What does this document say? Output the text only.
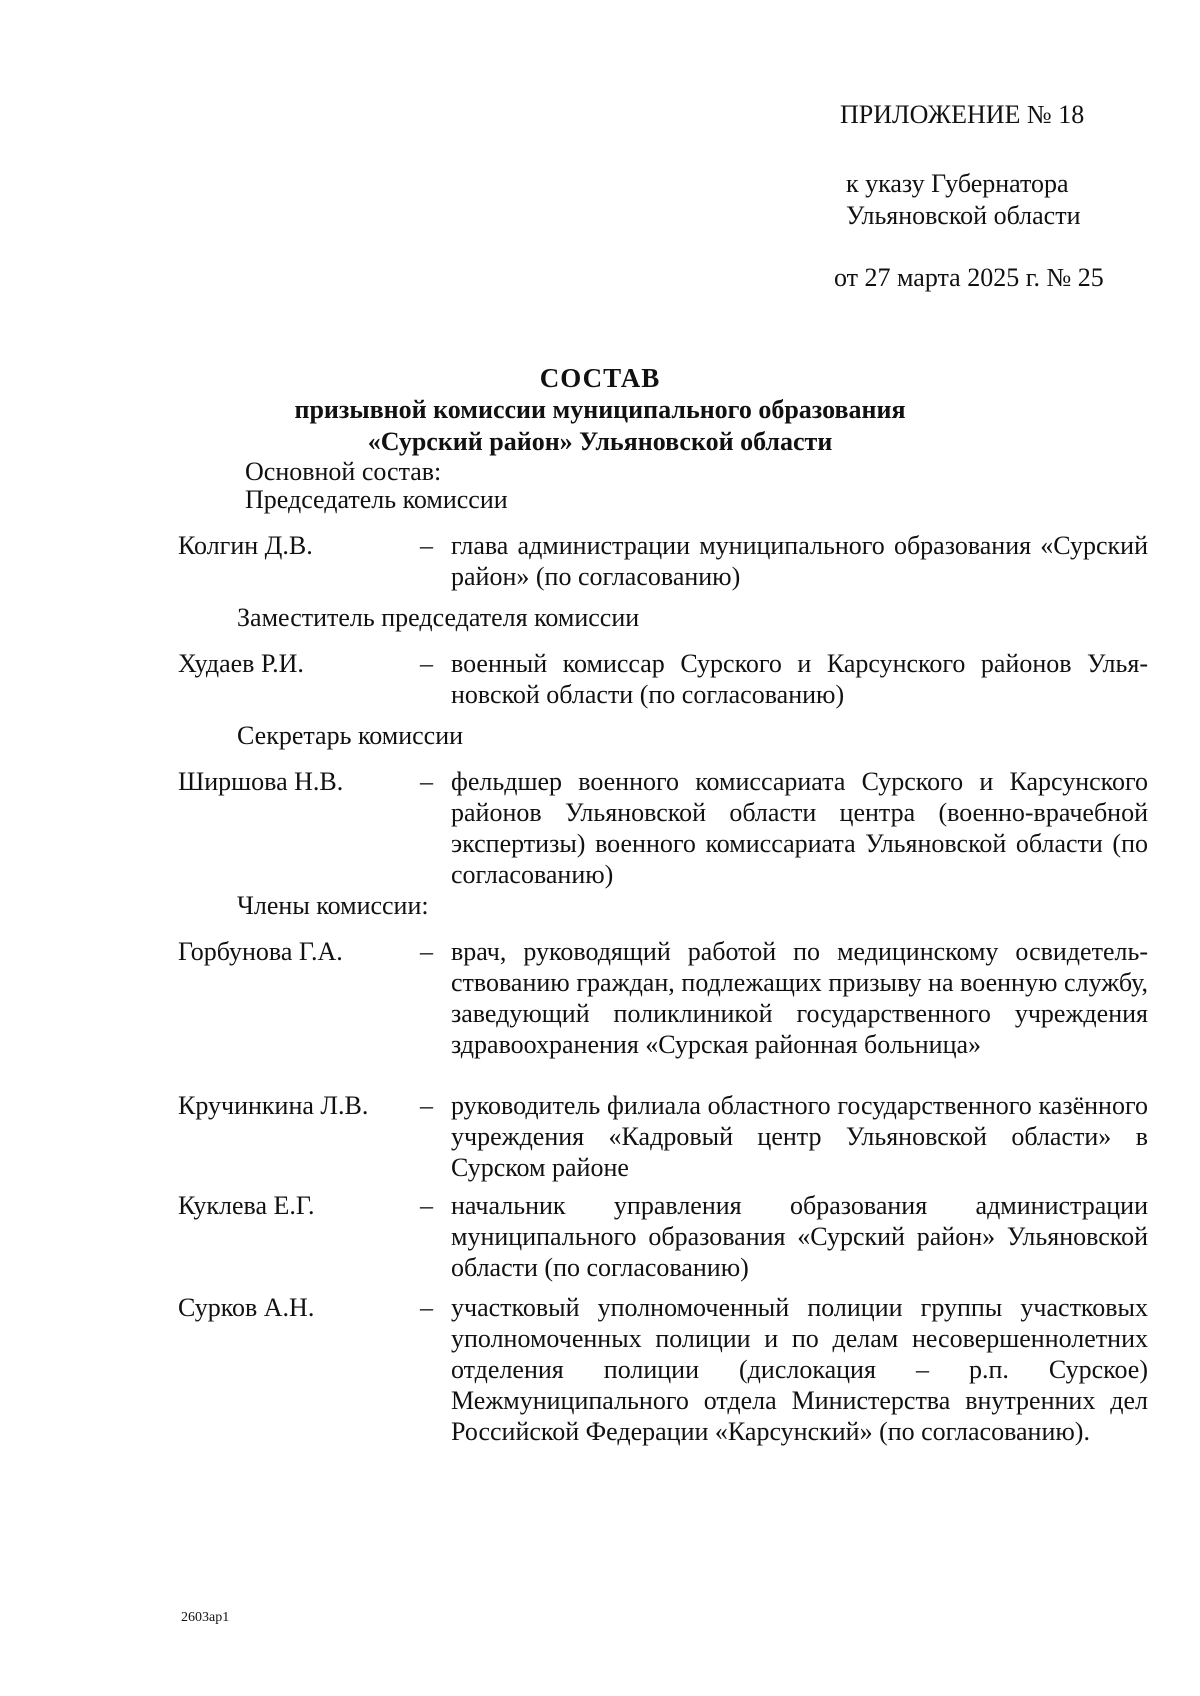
ПРИЛОЖЕНИЕ № 18
к указу Губернатора
Ульяновской области
от 27 марта 2025 г. № 25
СОСТАВ
призывной комиссии муниципального образования
«Сурский район» Ульяновской области
Основной состав:
Председатель комиссии
Колгин Д.В.	– глава администрации муниципального образования «Сурский район» (по согласованию)
Заместитель председателя комиссии
Худаев Р.И.	– военный комиссар Сурского и Карсунского районов Ульяновской области (по согласованию)
Секретарь комиссии
Ширшова Н.В.	– фельдшер военного комиссариата Сурского и Карсунского районов Ульяновской области центра (военно-врачебной экспертизы) военного комиссариата Ульяновской области (по согласованию)
Члены комиссии:
Горбунова Г.А.	– врач, руководящий работой по медицинскому освидетельствованию граждан, подлежащих призыву на военную службу, заведующий поликлиникой государственного учреждения здравоохранения «Сурская районная больница»
Кручинкина Л.В.	– руководитель филиала областного государственного казённого учреждения «Кадровый центр Ульяновской области» в Сурском районе
Куклева Е.Г.	– начальник управления образования администрации муниципального образования «Сурский район» Ульяновской области (по согласованию)
Сурков А.Н.	– участковый уполномоченный полиции группы участковых уполномоченных полиции и по делам несовершеннолетних отделения полиции (дислокация – р.п. Сурское) Межмуниципального отдела Министерства внутренних дел Российской Федерации «Карсунский» (по согласованию).
2603ap1
